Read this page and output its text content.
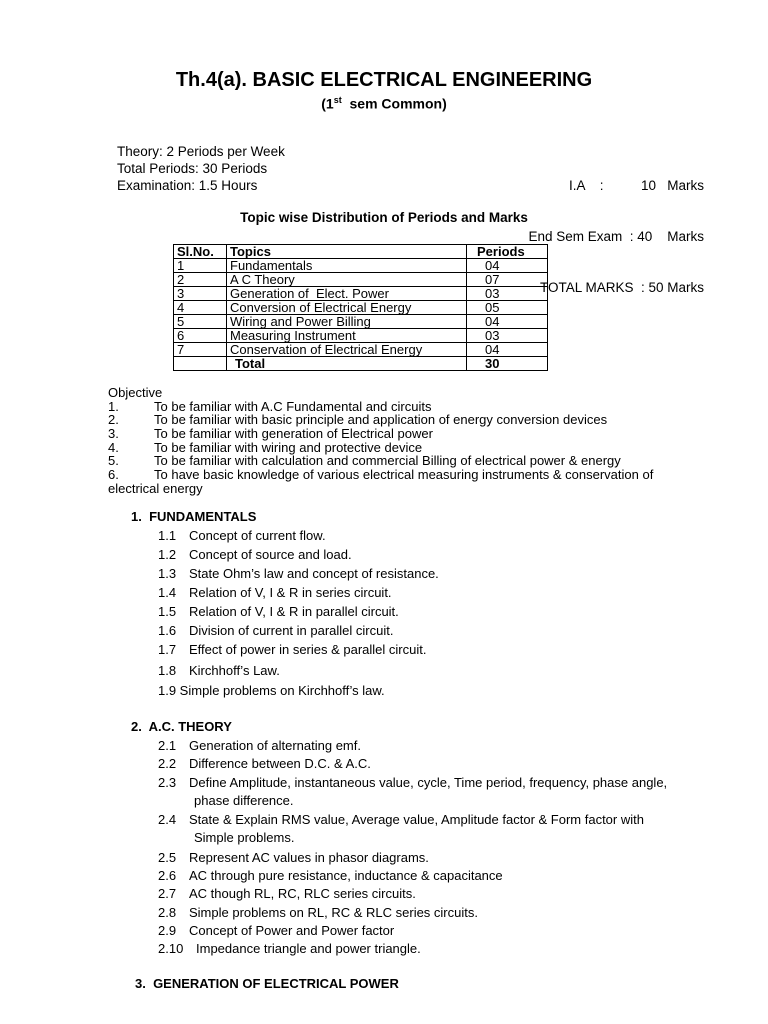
Th.4(a). BASIC ELECTRICAL ENGINEERING
(1st  sem Common)
Theory: 2 Periods per Week
Total Periods: 30 Periods
Examination: 1.5 Hours

	I.A    :          10   Marks

End Sem Exam  : 40    Marks

TOTAL MARKS  : 50 Marks

Topic wise Distribution of Periods and Marks
Sl.No.	Topics	Periods
1	Fundamentals	04
2	A C Theory	07
3	Generation of  Elect. Power	03
4	Conversion of Electrical Energy	05
5	Wiring and Power Billing	04
6	Measuring Instrument	03
7	Conservation of Electrical Energy	04
	Total	30
Objective
1.	To be familiar with A.C Fundamental and circuits
2.	To be familiar with basic principle and application of energy conversion devices
3.	To be familiar with generation of Electrical power
4.	To be familiar with wiring and protective device
5.	To be familiar with calculation and commercial Billing of electrical power & energy
6.	To have basic knowledge of various electrical measuring instruments & conservation of
electrical energy
1.  FUNDAMENTALS
1.1 Concept of current flow.
1.2 Concept of source and load.
1.3 State Ohm’s law and concept of resistance.
1.4 Relation of V, I & R in series circuit.
1.5 Relation of V, I & R in parallel circuit.
1.6 Division of current in parallel circuit.
1.7 Effect of power in series & parallel circuit.
1.8 Kirchhoff’s Law.
1.9 Simple problems on Kirchhoff’s law.
2.  A.C. THEORY
2.1 Generation of alternating emf.
2.2 Difference between D.C. & A.C.
2.3 Define Amplitude, instantaneous value, cycle, Time period, frequency, phase angle,
phase difference.
2.4 State & Explain RMS value, Average value, Amplitude factor & Form factor with
Simple problems.
2.5 Represent AC values in phasor diagrams.
2.6 AC through pure resistance, inductance & capacitance
2.7 AC though RL, RC, RLC series circuits.
2.8 Simple problems on RL, RC & RLC series circuits.
2.9 Concept of Power and Power factor
2.10 Impedance triangle and power triangle.
3.  GENERATION OF ELECTRICAL POWER
